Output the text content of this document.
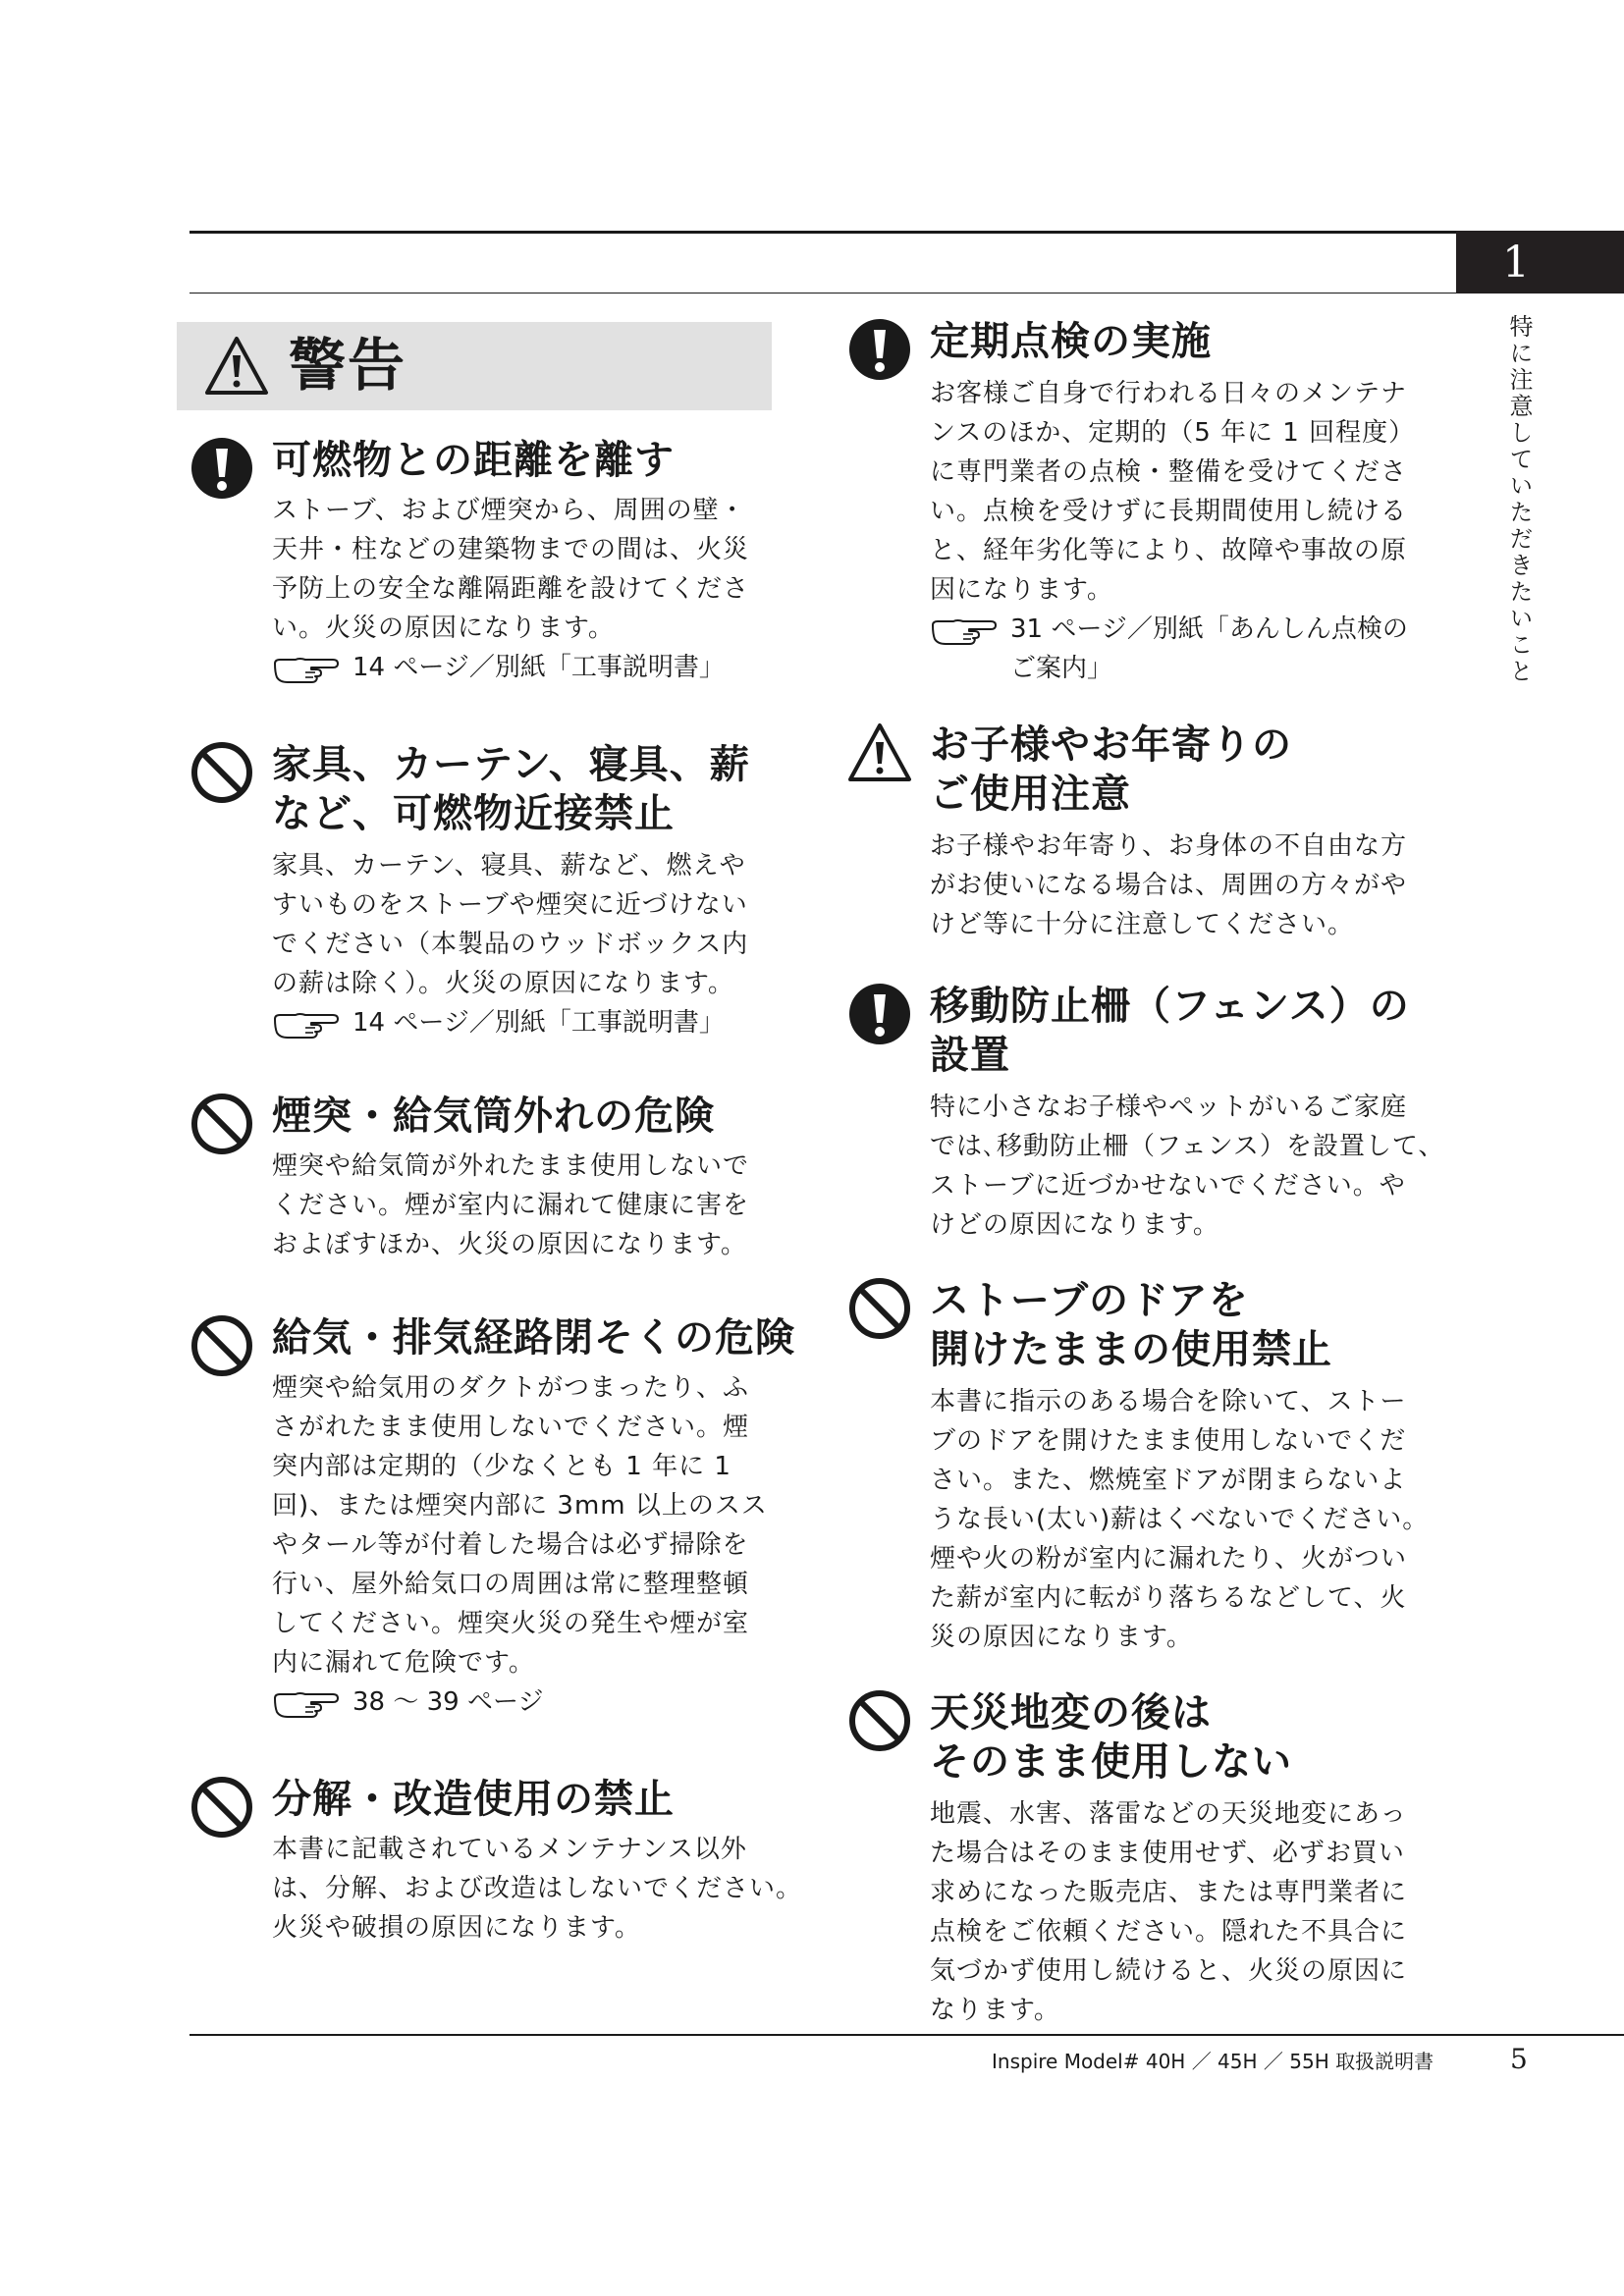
1
特に注意していただきたいこと
警告
可燃物との距離を離す

ストーブ、および煙突から、周囲の壁・

天井・柱などの建築物までの間は、火災

予防上の安全な離隔距離を設けてくださ

い。火災の原因になります。

14 ページ／別紙「工事説明書」
家具、カーテン、寝具、薪
など、可燃物近接禁止

家具、カーテン、寝具、薪など、燃えや

すいものをストーブや煙突に近づけない

でください（本製品のウッドボックス内

の薪は除く）。火災の原因になります。

14 ページ／別紙「工事説明書」
煙突・給気筒外れの危険

煙突や給気筒が外れたまま使用しないで

ください。煙が室内に漏れて健康に害を

およぼすほか、火災の原因になります。

給気・排気経路閉そくの危険

煙突や給気用のダクトがつまったり、ふ

さがれたまま使用しないでください。煙

突内部は定期的（少なくとも 1 年に 1

回)、または煙突内部に 3mm 以上のスス

やタール等が付着した場合は必ず掃除を

行い、屋外給気口の周囲は常に整理整頓

してください。煙突火災の発生や煙が室

内に漏れて危険です。

38 ～ 39 ページ
分解・改造使用の禁止

本書に記載されているメンテナンス以外

は、分解、および改造はしないでください。

火災や破損の原因になります。

定期点検の実施

お客様ご自身で行われる日々のメンテナ

ンスのほか、定期的（5 年に 1 回程度）

に専門業者の点検・整備を受けてくださ

い。点検を受けずに長期間使用し続ける

と、経年劣化等により、故障や事故の原

因になります。

31 ページ／別紙「あんしん点検の
ご案内」
お子様やお年寄りの
ご使用注意

お子様やお年寄り、お身体の不自由な方

がお使いになる場合は、周囲の方々がや

けど等に十分に注意してください。

移動防止柵（フェンス）の
設置

特に小さなお子様やペットがいるご家庭

では､移動防止柵（フェンス）を設置して、

ストーブに近づかせないでください。や

けどの原因になります。

ストーブのドアを
開けたままの使用禁止

本書に指示のある場合を除いて、ストー

ブのドアを開けたまま使用しないでくだ

さい。また、燃焼室ドアが閉まらないよ

うな長い(太い)薪はくべないでください。

煙や火の粉が室内に漏れたり、火がつい

た薪が室内に転がり落ちるなどして、火

災の原因になります。

天災地変の後は
そのまま使用しない

地震、水害、落雷などの天災地変にあっ

た場合はそのまま使用せず、必ずお買い

求めになった販売店、または専門業者に

点検をご依頼ください。隠れた不具合に

気づかず使用し続けると、火災の原因に

なります。

Inspire Model# 40H ／ 45H ／ 55H 取扱説明書	5
